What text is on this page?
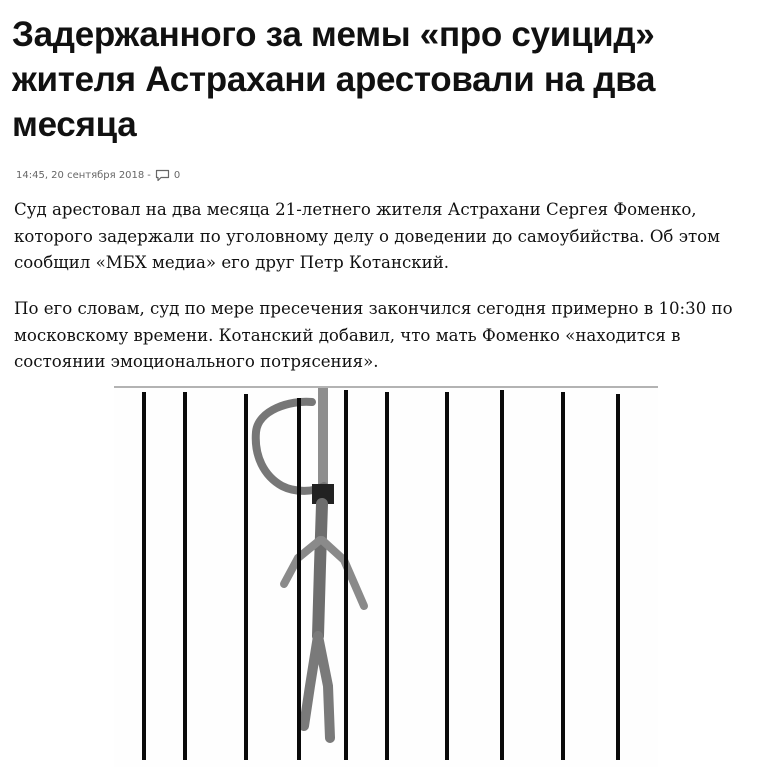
Задержанного за мемы «про суицид» жителя Астрахани арестовали на два месяца
14:45, 20 сентября 2018 - 0

Суд арестовал на два месяца 21-летнего жителя Астрахани Сергея Фоменко, которого задержали по уголовному делу о доведении до самоубийства. Об этом сообщил «МБХ медиа» его друг Петр Котанский.

По его словам, суд по мере пресечения закончился сегодня примерно в 10:30 по московскому времени. Котанский добавил, что мать Фоменко «находится в состоянии эмоционального потрясения».
